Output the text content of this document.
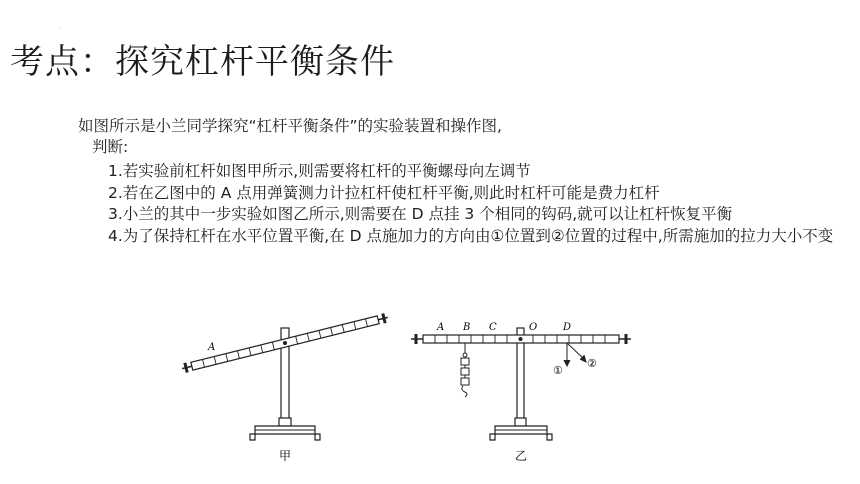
.
考点：探究杠杆平衡条件

如图所示是小兰同学探究“杠杆平衡条件”的实验装置和操作图,

判断:

1.若实验前杠杆如图甲所示,则需要将杠杆的平衡螺母向左调节
2.若在乙图中的 A 点用弹簧测力计拉杠杆使杠杆平衡,则此时杠杆可能是费力杠杆
3.小兰的其中一步实验如图乙所示,则需要在 D 点挂 3 个相同的钩码,就可以让杠杆恢复平衡
4.为了保持杠杆在水平位置平衡,在 D 点施加力的方向由①位置到②位置的过程中,所需施加的拉力大小不变
A
甲
A B C	O	D
①
②
乙
